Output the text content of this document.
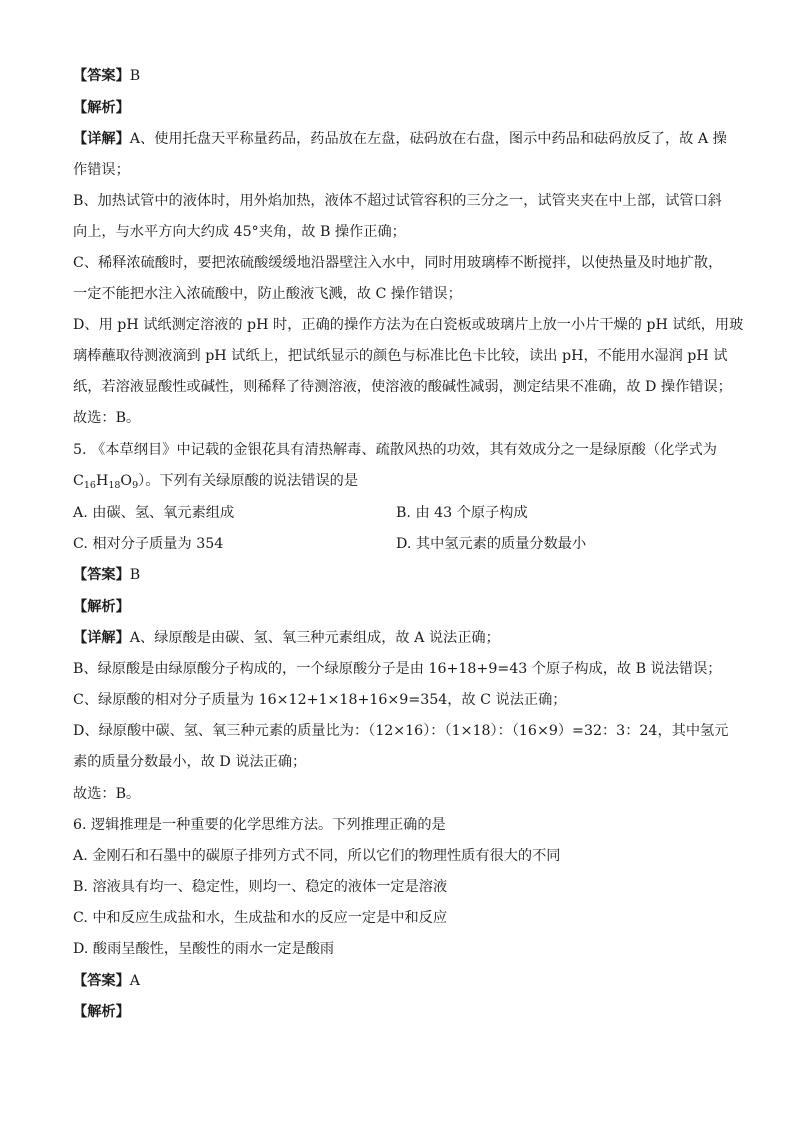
【答案】B
【解析】
【详解】A、使用托盘天平称量药品，药品放在左盘，砝码放在右盘，图示中药品和砝码放反了，故 A 操
作错误；
B、加热试管中的液体时，用外焰加热，液体不超过试管容积的三分之一，试管夹夹在中上部，试管口斜
向上，与水平方向大约成 45°夹角，故 B 操作正确；
C、稀释浓硫酸时，要把浓硫酸缓缓地沿器壁注入水中，同时用玻璃棒不断搅拌，以使热量及时地扩散，
一定不能把水注入浓硫酸中，防止酸液飞溅，故 C 操作错误；
D、用 pH 试纸测定溶液的 pH 时，正确的操作方法为在白瓷板或玻璃片上放一小片干燥的 pH 试纸，用玻
璃棒蘸取待测液滴到 pH 试纸上，把试纸显示的颜色与标准比色卡比较，读出 pH，不能用水湿润 pH 试
纸，若溶液显酸性或碱性，则稀释了待测溶液，使溶液的酸碱性减弱，测定结果不准确，故 D 操作错误；
故选：B。
5. 《本草纲目》中记载的金银花具有清热解毒、疏散风热的功效，其有效成分之一是绿原酸（化学式为
$C_{16}H_{18}O_9$）。下列有关绿原酸的说法错误的是
A. 由碳、氢、氧元素组成	B. 由 43 个原子构成
C. 相对分子质量为 354	D. 其中氢元素的质量分数最小
【答案】B
【解析】
【详解】A、绿原酸是由碳、氢、氧三种元素组成，故 A 说法正确；
B、绿原酸是由绿原酸分子构成的，一个绿原酸分子是由 16+18+9=43 个原子构成，故 B 说法错误；
C、绿原酸的相对分子质量为 16×12+1×18+16×9=354，故 C 说法正确；
D、绿原酸中碳、氢、氧三种元素的质量比为：（12×16）：（1×18）：（16×9）=32：3：24，其中氢元
素的质量分数最小，故 D 说法正确；
故选：B。
6. 逻辑推理是一种重要的化学思维方法。下列推理正确的是
A. 金刚石和石墨中的碳原子排列方式不同，所以它们的物理性质有很大的不同
B. 溶液具有均一、稳定性，则均一、稳定的液体一定是溶液
C. 中和反应生成盐和水，生成盐和水的反应一定是中和反应
D. 酸雨呈酸性，呈酸性的雨水一定是酸雨
【答案】A
【解析】
